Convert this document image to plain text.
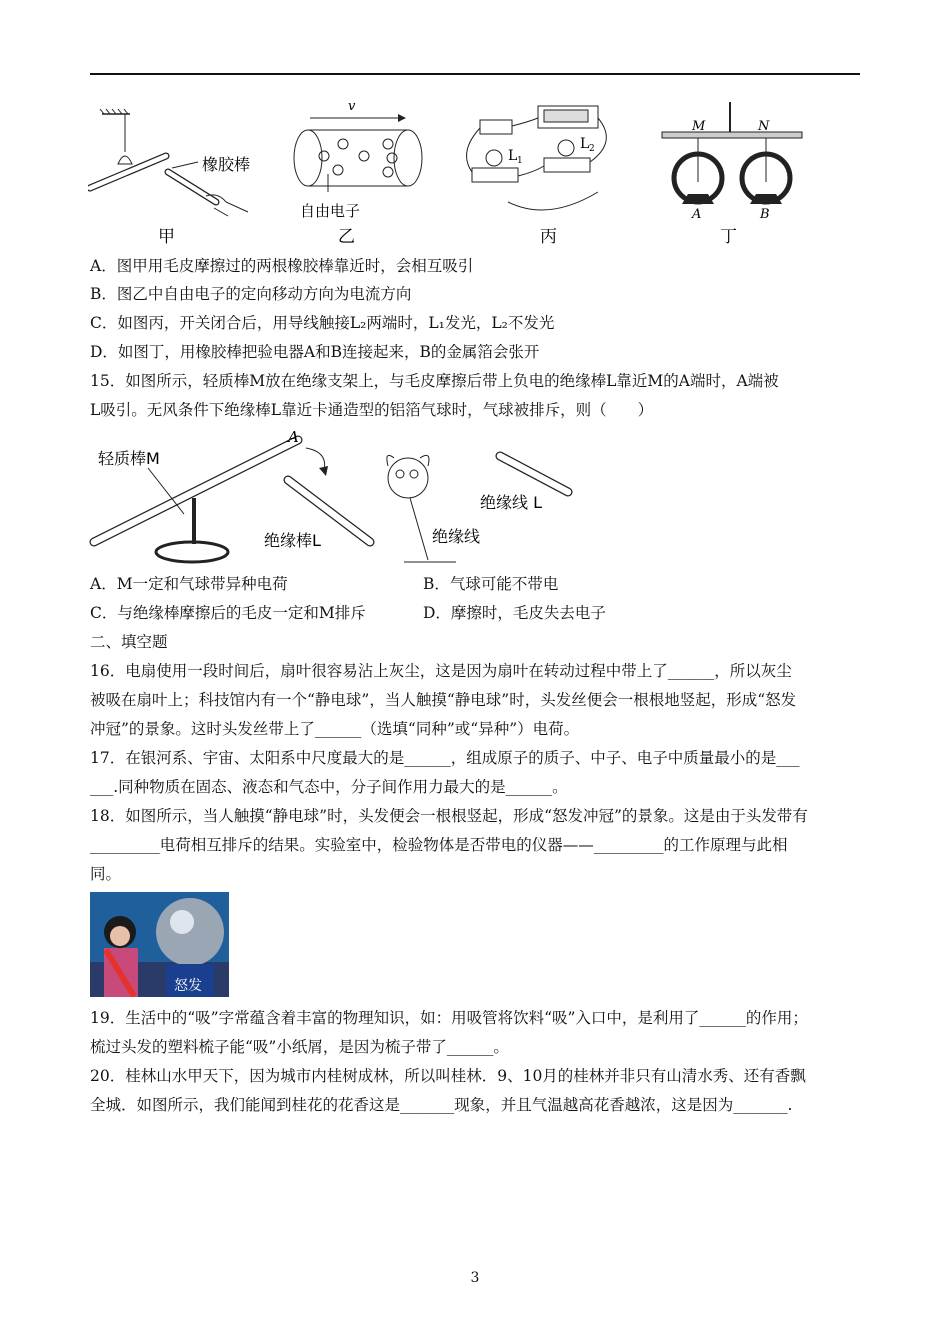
橡胶棒
甲
v
自由电子
乙
L 1
L 2
丙
M	N
A	B
丁
A．图甲用毛皮摩擦过的两根橡胶棒靠近时，会相互吸引
B．图乙中自由电子的定向移动方向为电流方向
C．如图丙，开关闭合后，用导线触接L₂两端时，L₁发光，L₂不发光
D．如图丁，用橡胶棒把验电器A和B连接起来，B的金属箔会张开
15．如图所示，轻质棒M放在绝缘支架上，与毛皮摩擦后带上负电的绝缘棒L靠近M的A端时，A端被
L吸引。无风条件下绝缘棒L靠近卡通造型的铝箔气球时，气球被排斥，则（　　）
轻质棒M
A
绝缘棒L	绝缘线
绝缘线 L
A．M一定和气球带异种电荷	B．气球可能不带电
C．与绝缘棒摩擦后的毛皮一定和M排斥	D．摩擦时，毛皮失去电子
二、填空题
16．电扇使用一段时间后，扇叶很容易沾上灰尘，这是因为扇叶在转动过程中带上了______，所以灰尘
被吸在扇叶上；科技馆内有一个“静电球”，当人触摸“静电球”时，头发丝便会一根根地竖起，形成“怒发
冲冠”的景象。这时头发丝带上了______（选填“同种”或“异种”）电荷。
17．在银河系、宇宙、太阳系中尺度最大的是______，组成原子的质子、中子、电子中质量最小的是___
___.同种物质在固态、液态和气态中，分子间作用力最大的是______。
18．如图所示，当人触摸“静电球”时，头发便会一根根竖起，形成“怒发冲冠”的景象。这是由于头发带有
_________电荷相互排斥的结果。实验室中，检验物体是否带电的仪器——_________的工作原理与此相
同。
怒发
19．生活中的“吸”字常蕴含着丰富的物理知识，如：用吸管将饮料“吸”入口中，是利用了______的作用；
梳过头发的塑料梳子能“吸”小纸屑，是因为梳子带了______。
20．桂林山水甲天下，因为城市内桂树成林，所以叫桂林．9、10月的桂林并非只有山清水秀、还有香飘
全城．如图所示，我们能闻到桂花的花香这是_______现象，并且气温越高花香越浓，这是因为_______.
3
